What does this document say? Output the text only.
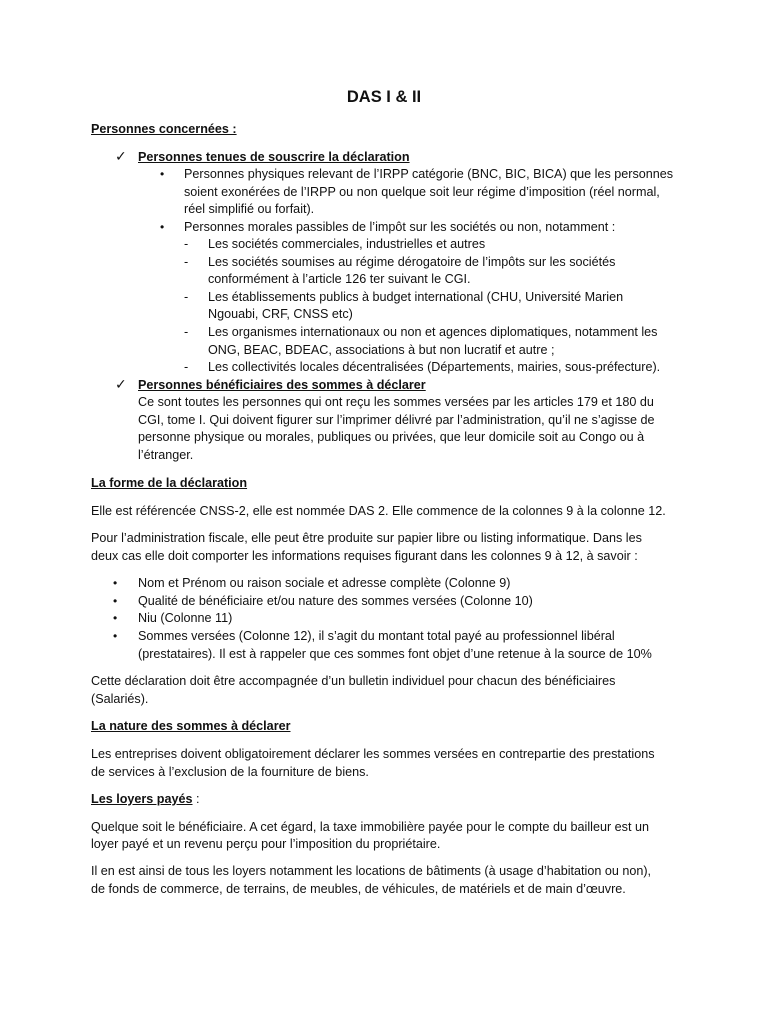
DAS I & II
Personnes concernées :
✓ Personnes tenues de souscrire la déclaration
• Personnes physiques relevant de l’IRPP catégorie (BNC, BIC, BICA) que les personnes
soient exonérées de l’IRPP ou non quelque soit leur régime d’imposition (réel normal,
réel simplifié ou forfait).
• Personnes morales passibles de l’impôt sur les sociétés ou non, notamment :
- Les sociétés commerciales, industrielles et autres
- Les sociétés soumises au régime dérogatoire de l’impôts sur les sociétés
conformément à l’article 126 ter suivant le CGI.
- Les établissements publics à budget international (CHU, Université Marien
Ngouabi, CRF, CNSS etc)
- Les organismes internationaux ou non et agences diplomatiques, notamment les
ONG, BEAC, BDEAC, associations à but non lucratif et autre ;
- Les collectivités locales décentralisées (Départements, mairies, sous-préfecture).
✓ Personnes bénéficiaires des sommes à déclarer
Ce sont toutes les personnes qui ont reçu les sommes versées par les articles 179 et 180 du
CGI, tome I. Qui doivent figurer sur l’imprimer délivré par l’administration, qu’il ne s’agisse de
personne physique ou morales, publiques ou privées, que leur domicile soit au Congo ou à
l’étranger.
La forme de la déclaration
Elle est référencée CNSS-2, elle est nommée DAS 2. Elle commence de la colonnes 9 à la colonne 12.
Pour l’administration fiscale, elle peut être produite sur papier libre ou listing informatique. Dans les
deux cas elle doit comporter les informations requises figurant dans les colonnes 9 à 12, à savoir :
• Nom et Prénom ou raison sociale et adresse complète (Colonne 9)
• Qualité de bénéficiaire et/ou nature des sommes versées (Colonne 10)
• Niu (Colonne 11)
• Sommes versées (Colonne 12), il s’agit du montant total payé au professionnel libéral
(prestataires). Il est à rappeler que ces sommes font objet d’une retenue à la source de 10%
Cette déclaration doit être accompagnée d’un bulletin individuel pour chacun des bénéficiaires
(Salariés).
La nature des sommes à déclarer
Les entreprises doivent obligatoirement déclarer les sommes versées en contrepartie des prestations
de services à l’exclusion de la fourniture de biens.
Les loyers payés :
Quelque soit le bénéficiaire. A cet égard, la taxe immobilière payée pour le compte du bailleur est un
loyer payé et un revenu perçu pour l’imposition du propriétaire.
Il en est ainsi de tous les loyers notamment les locations de bâtiments (à usage d’habitation ou non),
de fonds de commerce, de terrains, de meubles, de véhicules, de matériels et de main d’œuvre.
